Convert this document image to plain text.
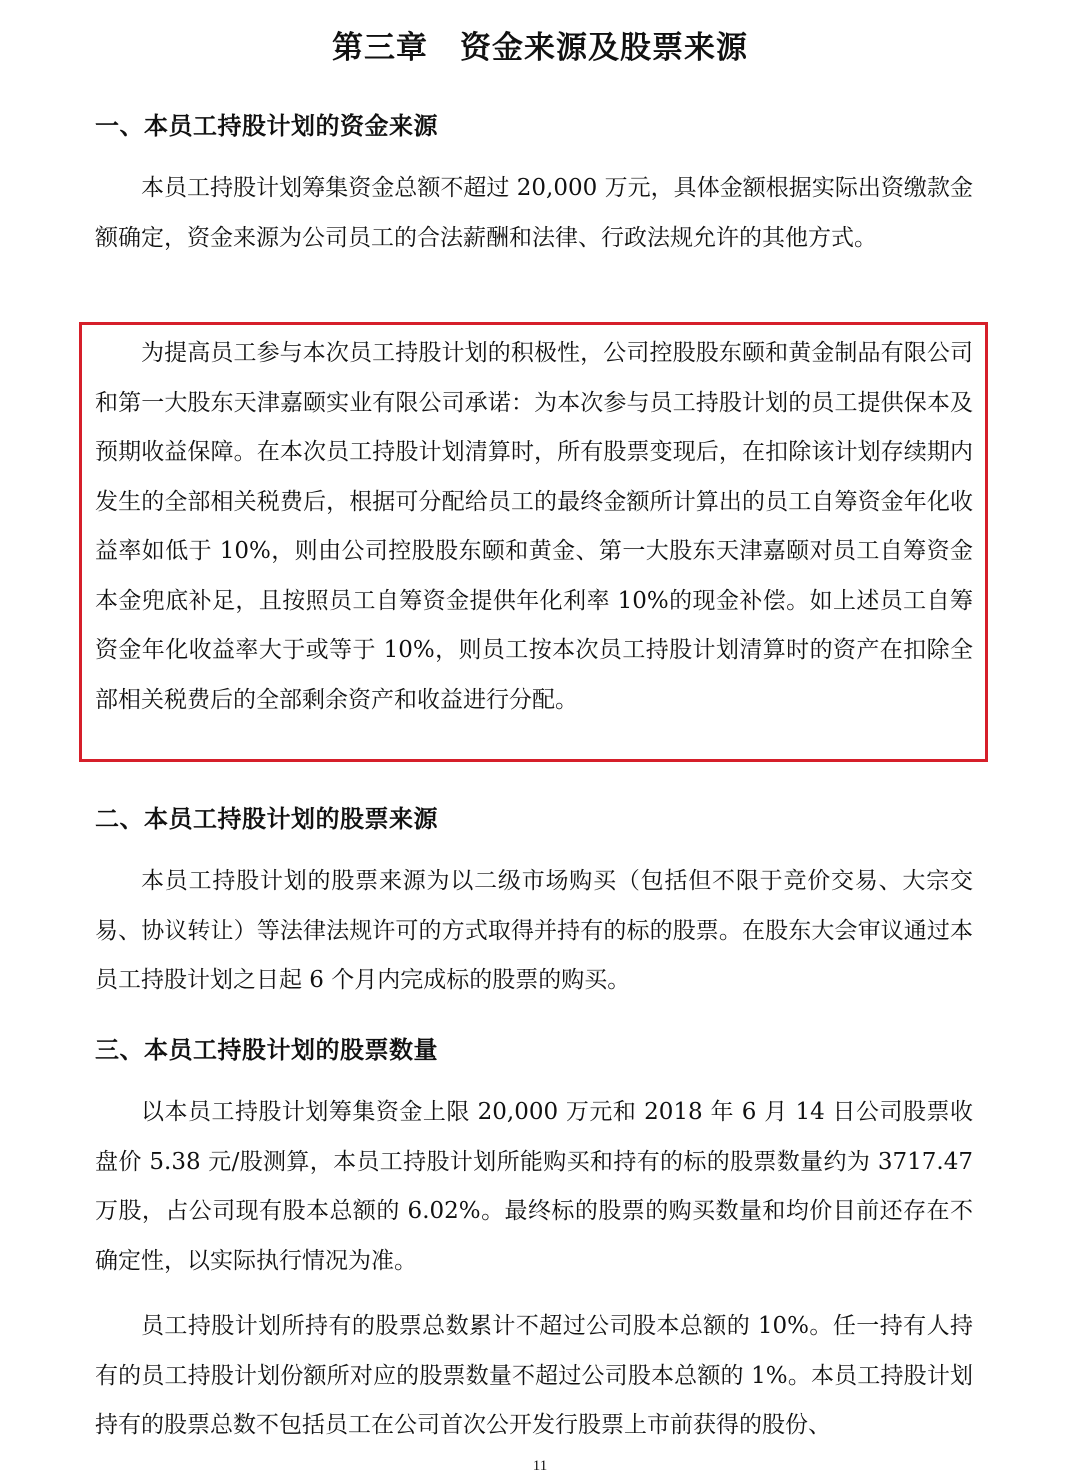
第三章　资金来源及股票来源
一、本员工持股计划的资金来源

本员工持股计划筹集资金总额不超过 20,000 万元，具体金额根据实际出资缴款金额确定，资金来源为公司员工的合法薪酬和法律、行政法规允许的其他方式。

为提高员工参与本次员工持股计划的积极性，公司控股股东颐和黄金制品有限公司和第一大股东天津嘉颐实业有限公司承诺：为本次参与员工持股计划的员工提供保本及预期收益保障。在本次员工持股计划清算时，所有股票变现后，在扣除该计划存续期内发生的全部相关税费后，根据可分配给员工的最终金额所计算出的员工自筹资金年化收益率如低于 10%，则由公司控股股东颐和黄金、第一大股东天津嘉颐对员工自筹资金本金兜底补足，且按照员工自筹资金提供年化利率 10%的现金补偿。如上述员工自筹资金年化收益率大于或等于 10%，则员工按本次员工持股计划清算时的资产在扣除全部相关税费后的全部剩余资产和收益进行分配。

二、本员工持股计划的股票来源

本员工持股计划的股票来源为以二级市场购买（包括但不限于竞价交易、大宗交易、协议转让）等法律法规许可的方式取得并持有的标的股票。在股东大会审议通过本员工持股计划之日起 6 个月内完成标的股票的购买。

三、本员工持股计划的股票数量

以本员工持股计划筹集资金上限 20,000 万元和 2018 年 6 月 14 日公司股票收盘价 5.38 元/股测算，本员工持股计划所能购买和持有的标的股票数量约为 3717.47 万股，占公司现有股本总额的 6.02%。最终标的股票的购买数量和均价目前还存在不确定性，以实际执行情况为准。

员工持股计划所持有的股票总数累计不超过公司股本总额的 10%。任一持有人持有的员工持股计划份额所对应的股票数量不超过公司股本总额的 1%。本员工持股计划持有的股票总数不包括员工在公司首次公开发行股票上市前获得的股份、

11
